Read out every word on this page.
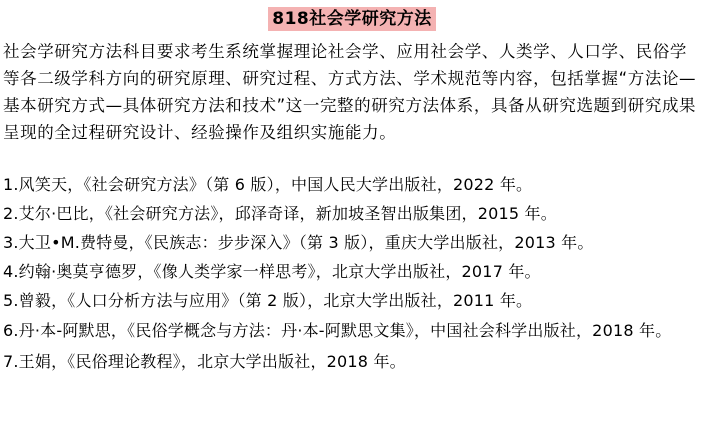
818社会学研究方法
社会学研究方法科目要求考生系统掌握理论社会学、应用社会学、人类学、人口学、民俗学等各二级学科方向的研究原理、研究过程、方式方法、学术规范等内容，包括掌握“方法论—基本研究方式—具体研究方法和技术”这一完整的研究方法体系，具备从研究选题到研究成果呈现的全过程研究设计、经验操作及组织实施能力。
1.风笑天，《社会研究方法》（第 6 版），中国人民大学出版社，2022 年。
2.艾尔·巴比，《社会研究方法》，邱泽奇译，新加坡圣智出版集团，2015 年。
3.大卫•M.费特曼，《民族志：步步深入》（第 3 版），重庆大学出版社，2013 年。
4.约翰·奥莫亨德罗，《像人类学家一样思考》，北京大学出版社，2017 年。
5.曾毅，《人口分析方法与应用》（第 2 版），北京大学出版社，2011 年。
6.丹·本-阿默思，《民俗学概念与方法：丹·本-阿默思文集》，中国社会科学出版社，2018 年。
7.王娟，《民俗理论教程》，北京大学出版社，2018 年。
